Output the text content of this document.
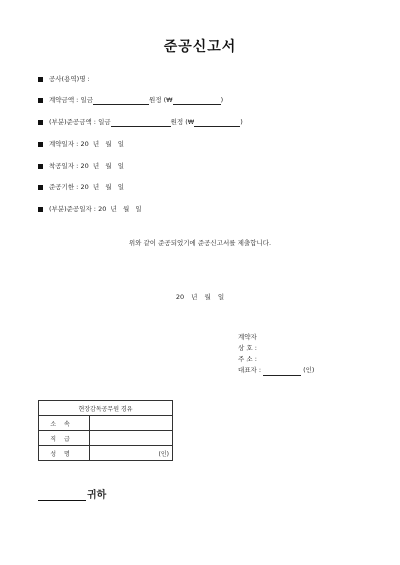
준공신고서
공사(용역)명 :
계약금액 : 일금	원정 (₩	)
(부분)준공금액 : 일금	원정 (₩	)
계약일자 : 20  년   월   일
착공일자 : 20  년   월   일
준공기한 : 20  년   월   일
(부분)준공일자 : 20  년   월   일
위와 같이 준공되었기에 준공신고서를 제출합니다.
20 년 월 일
계약자
상 호 :
주 소 :
대표자 :	(인)
현장감독공무원 경유	
소속	
직급	
성명	(인)
귀하
